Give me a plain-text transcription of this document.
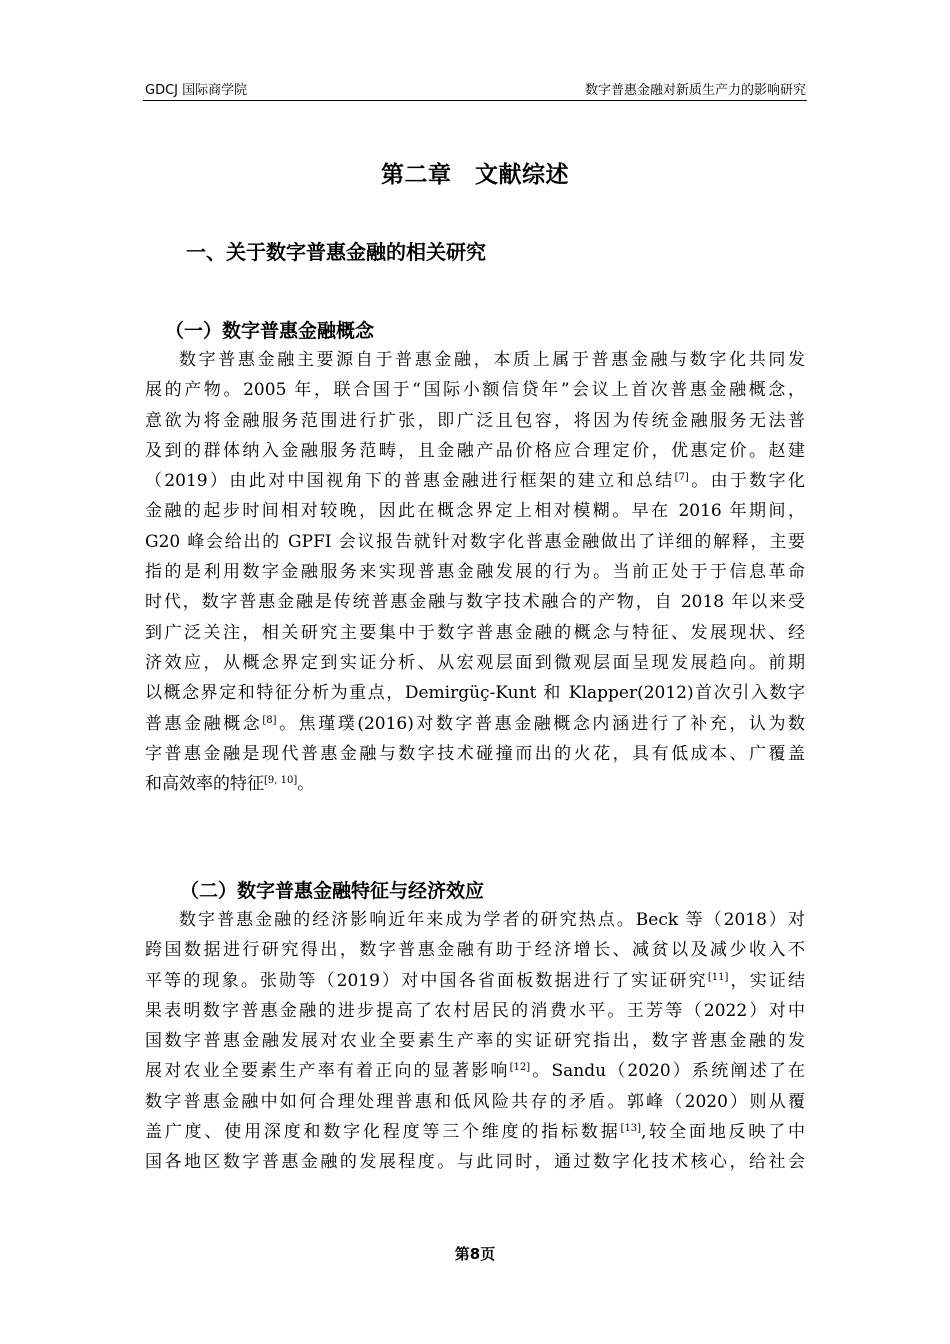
GDCJ 国际商学院	数字普惠金融对新质生产力的影响研究
第二章　文献综述
一、关于数字普惠金融的相关研究
（一）数字普惠金融概念
数字普惠金融主要源自于普惠金融，本质上属于普惠金融与数字化共同发
展的产物。2005 年，联合国于“国际小额信贷年”会议上首次普惠金融概念，
意欲为将金融服务范围进行扩张，即广泛且包容，将因为传统金融服务无法普
及到的群体纳入金融服务范畴，且金融产品价格应合理定价，优惠定价。赵建
（2019）由此对中国视角下的普惠金融进行框架的建立和总结[7]。由于数字化
金融的起步时间相对较晚，因此在概念界定上相对模糊。早在 2016 年期间，
G20 峰会给出的 GPFI 会议报告就针对数字化普惠金融做出了详细的解释，主要
指的是利用数字金融服务来实现普惠金融发展的行为。当前正处于于信息革命
时代，数字普惠金融是传统普惠金融与数字技术融合的产物，自 2018 年以来受
到广泛关注，相关研究主要集中于数字普惠金融的概念与特征、发展现状、经
济效应，从概念界定到实证分析、从宏观层面到微观层面呈现发展趋向。前期
以概念界定和特征分析为重点，Demirgüç-Kunt 和 Klapper(2012)首次引入数字
普惠金融概念[8]。焦瑾璞(2016)对数字普惠金融概念内涵进行了补充，认为数
字普惠金融是现代普惠金融与数字技术碰撞而出的火花，具有低成本、广覆盖
和高效率的特征[9, 10]。
（二）数字普惠金融特征与经济效应
数字普惠金融的经济影响近年来成为学者的研究热点。Beck 等（2018）对
跨国数据进行研究得出，数字普惠金融有助于经济增长、减贫以及减少收入不
平等的现象。张勋等（2019）对中国各省面板数据进行了实证研究[11]，实证结
果表明数字普惠金融的进步提高了农村居民的消费水平。王芳等（2022）对中
国数字普惠金融发展对农业全要素生产率的实证研究指出，数字普惠金融的发
展对农业全要素生产率有着正向的显著影响[12]。Sandu（2020）系统阐述了在
数字普惠金融中如何合理处理普惠和低风险共存的矛盾。郭峰（2020）则从覆
盖广度、使用深度和数字化程度等三个维度的指标数据[13],较全面地反映了中
国各地区数字普惠金融的发展程度。与此同时，通过数字化技术核心，给社会
第8页
